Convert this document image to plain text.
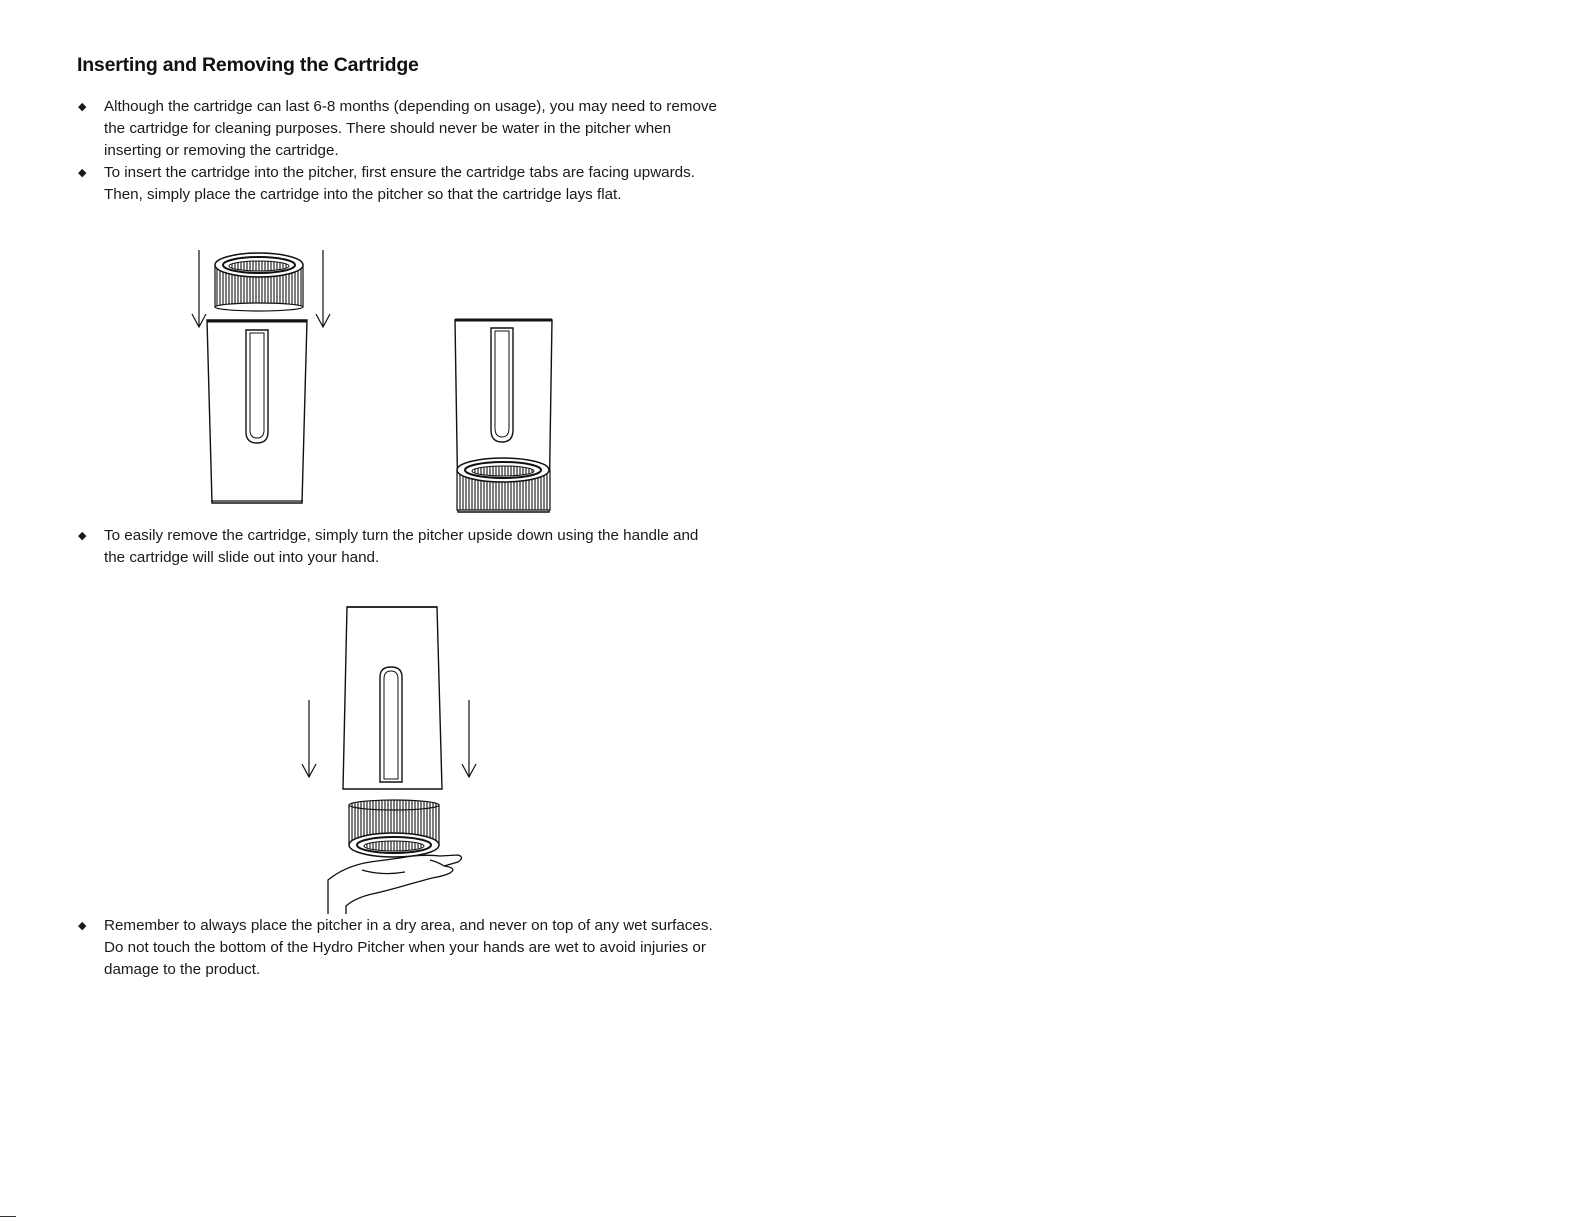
Inserting and Removing the Cartridge
◆	Although the cartridge can last 6-8 months (depending on usage), you may need to remove the cartridge for cleaning purposes. There should never be water in the pitcher when inserting or removing the cartridge.
◆	To insert the cartridge into the pitcher, first ensure the cartridge tabs are facing upwards. Then, simply place the cartridge into the pitcher so that the cartridge lays flat.
◆	To easily remove the cartridge, simply turn the pitcher upside down using the handle and the cartridge will slide out into your hand.
◆	Remember to always place the pitcher in a dry area, and never on top of any wet surfaces. Do not touch the bottom of the Hydro Pitcher when your hands are wet to avoid injuries or damage to the product.
